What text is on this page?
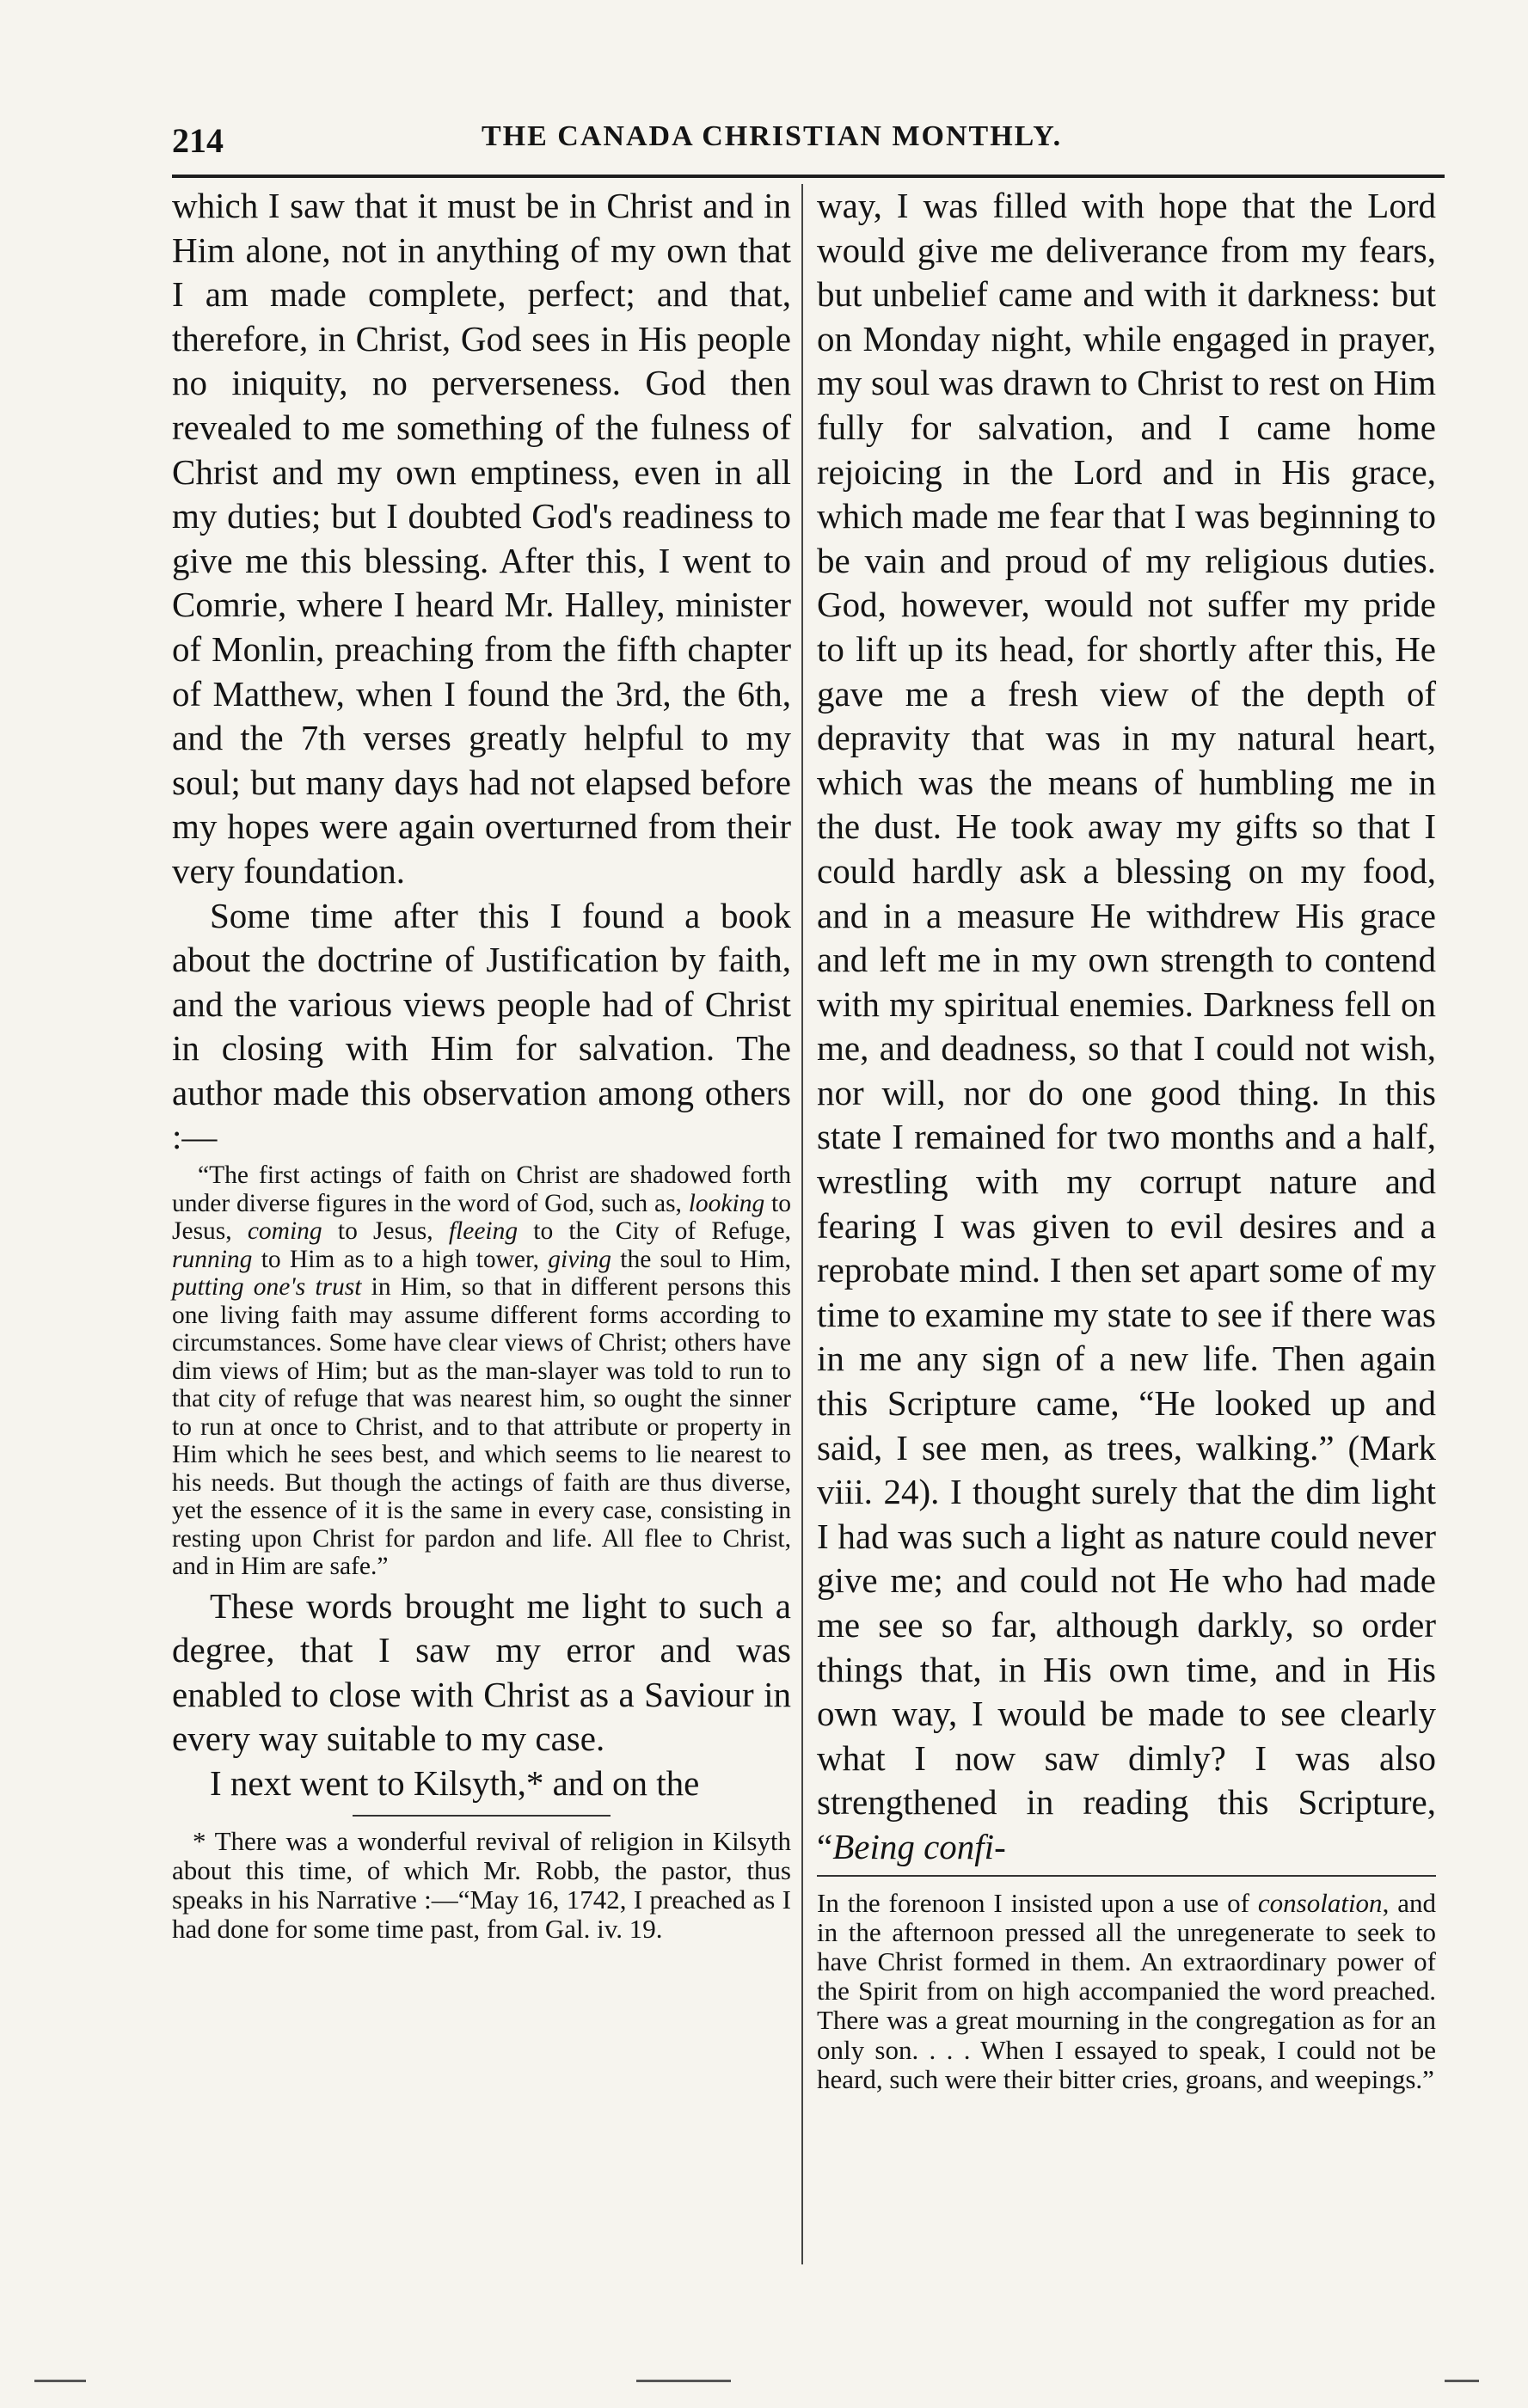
214	THE CANADA CHRISTIAN MONTHLY.

which I saw that it must be in Christ and in Him alone, not in anything of my own that I am made complete, perfect; and that, therefore, in Christ, God sees in His people no iniquity, no perverseness. God then revealed to me something of the fulness of Christ and my own emptiness, even in all my duties; but I doubted God's readiness to give me this blessing. After this, I went to Comrie, where I heard Mr. Halley, minister of Monlin, preaching from the fifth chapter of Matthew, when I found the 3rd, the 6th, and the 7th verses greatly helpful to my soul; but many days had not elapsed before my hopes were again overturned from their very foundation.

Some time after this I found a book about the doctrine of Justification by faith, and the various views people had of Christ in closing with Him for salvation. The author made this observation among others :—

“The first actings of faith on Christ are shadowed forth under diverse figures in the word of God, such as, looking to Jesus, coming to Jesus, fleeing to the City of Refuge, running to Him as to a high tower, giving the soul to Him, putting one's trust in Him, so that in different persons this one living faith may assume different forms according to circumstances. Some have clear views of Christ; others have dim views of Him; but as the man-slayer was told to run to that city of refuge that was nearest him, so ought the sinner to run at once to Christ, and to that attribute or property in Him which he sees best, and which seems to lie nearest to his needs. But though the actings of faith are thus diverse, yet the essence of it is the same in every case, consisting in resting upon Christ for pardon and life. All flee to Christ, and in Him are safe.”

These words brought me light to such a degree, that I saw my error and was enabled to close with Christ as a Saviour in every way suitable to my case.

I next went to Kilsyth,* and on the

* There was a wonderful revival of religion in Kilsyth about this time, of which Mr. Robb, the pastor, thus speaks in his Narrative :—“May 16, 1742, I preached as I had done for some time past, from Gal. iv. 19.

way, I was filled with hope that the Lord would give me deliverance from my fears, but unbelief came and with it darkness: but on Monday night, while engaged in prayer, my soul was drawn to Christ to rest on Him fully for salvation, and I came home rejoicing in the Lord and in His grace, which made me fear that I was beginning to be vain and proud of my religious duties. God, however, would not suffer my pride to lift up its head, for shortly after this, He gave me a fresh view of the depth of depravity that was in my natural heart, which was the means of humbling me in the dust. He took away my gifts so that I could hardly ask a blessing on my food, and in a measure He withdrew His grace and left me in my own strength to contend with my spiritual enemies. Darkness fell on me, and deadness, so that I could not wish, nor will, nor do one good thing. In this state I remained for two months and a half, wrestling with my corrupt nature and fearing I was given to evil desires and a reprobate mind. I then set apart some of my time to examine my state to see if there was in me any sign of a new life. Then again this Scripture came, “He looked up and said, I see men, as trees, walking.” (Mark viii. 24). I thought surely that the dim light I had was such a light as nature could never give me; and could not He who had made me see so far, although darkly, so order things that, in His own time, and in His own way, I would be made to see clearly what I now saw dimly? I was also strengthened in reading this Scripture, “Being confi-

In the forenoon I insisted upon a use of consolation, and in the afternoon pressed all the unregenerate to seek to have Christ formed in them. An extraordinary power of the Spirit from on high accompanied the word preached. There was a great mourning in the congregation as for an only son. . . . When I essayed to speak, I could not be heard, such were their bitter cries, groans, and weepings.”
